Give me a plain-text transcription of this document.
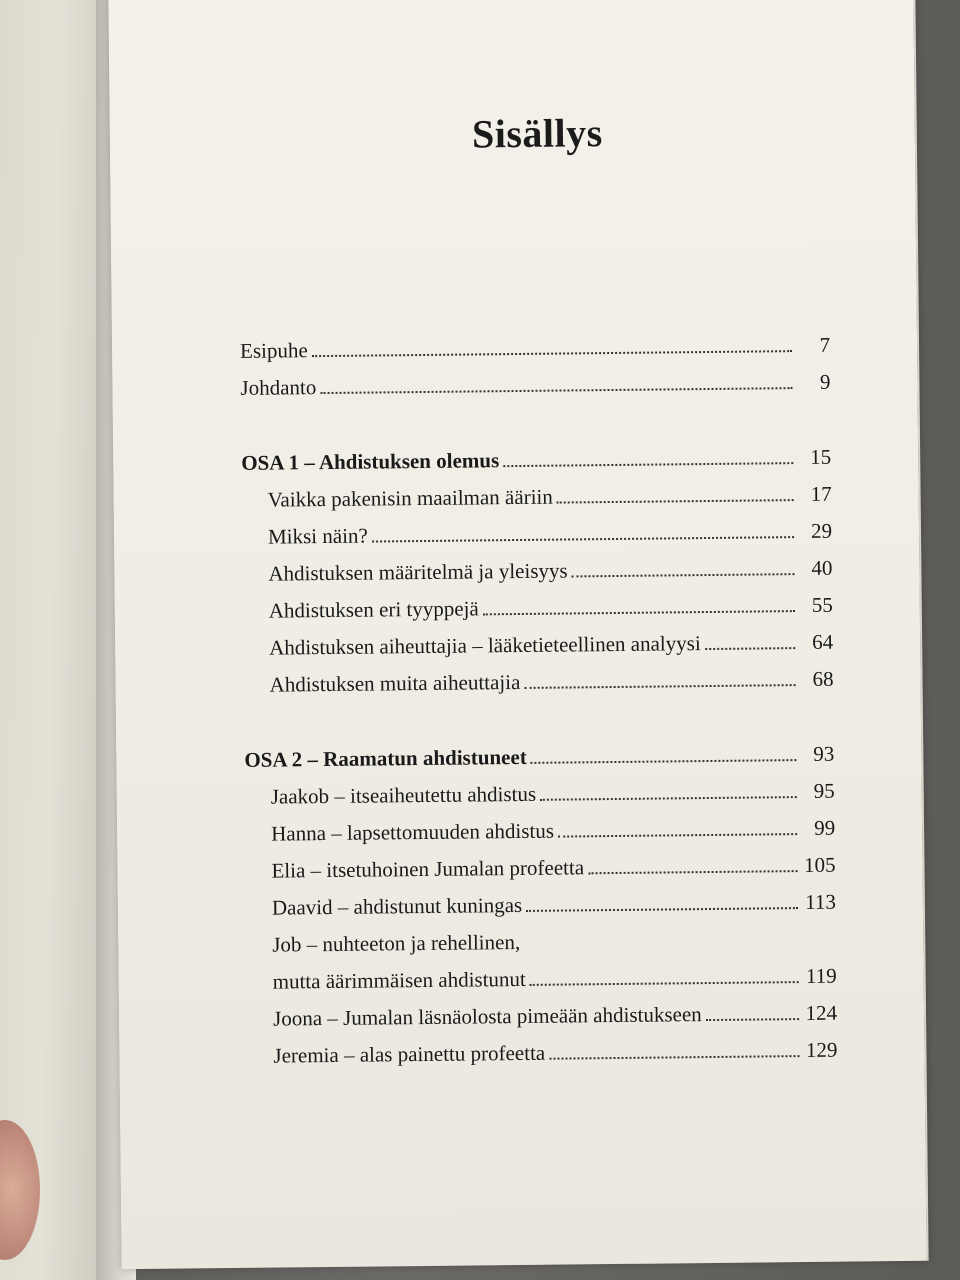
Sisällys
Esipuhe	7
Johdanto	9
OSA 1 – Ahdistuksen olemus	15
Vaikka pakenisin maailman ääriin	17
Miksi näin?	29
Ahdistuksen määritelmä ja yleisyys	40
Ahdistuksen eri tyyppejä	55
Ahdistuksen aiheuttajia – lääketieteellinen analyysi	64
Ahdistuksen muita aiheuttajia	68
OSA 2 – Raamatun ahdistuneet	93
Jaakob – itseaiheutettu ahdistus	95
Hanna – lapsettomuuden ahdistus	99
Elia – itsetuhoinen Jumalan profeetta	105
Daavid – ahdistunut kuningas	113
Job – nuhteeton ja rehellinen,
mutta äärimmäisen ahdistunut	119
Joona – Jumalan läsnäolosta pimeään ahdistukseen	124
Jeremia – alas painettu profeetta	129
